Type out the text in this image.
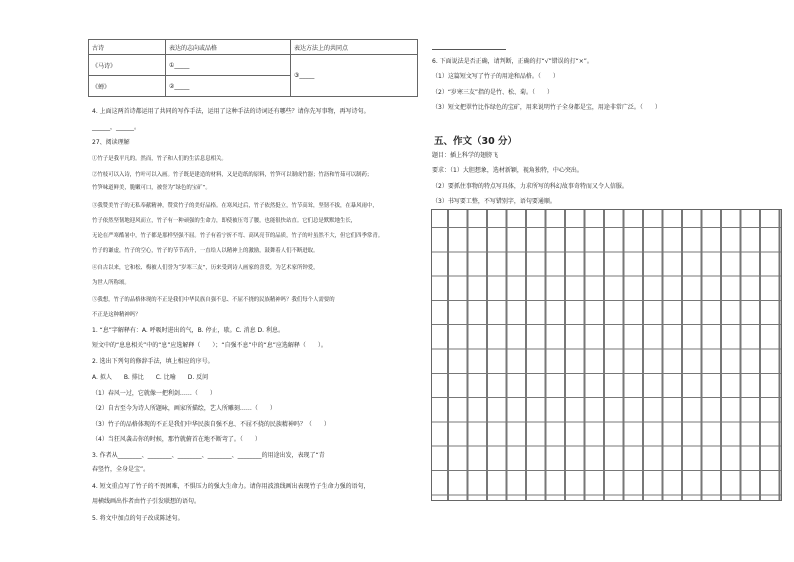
古诗	表达的志向或品格	表达方法上的共同点
《马诗》	①_____	③_____
《蝉》	②_____	
4. 上面这两首诗都运用了共同的写作手法，运用了这种手法的诗词还有哪些？请你先写事物，再写诗句。
______，______。
27、阅读理解
①竹子是我平凡的。然而，竹子和人们的生活息息相关。
②竹枝可以入诗，竹叶可以入画。竹子既是建造的材料，又是造纸的原料，竹笋可以制成竹器；竹沥和竹茹可以制药；
竹笋味道鲜美，脆嫩可口，被誉为“绿色的宝矿”。
③我赞美竹子的无私奉献精神，赞赏竹子的美好品格。在寒风过后，竹子依然挺立，竹节高耸，坚韧不拔，在暴风雨中，
竹子依然坚韧地迎风而立，竹子有一种顽强的生命力，即使被压弯了腰，也能很快站直。它们总是默默地生长，
无论在严寒酷暑中，竹子都是那样坚强不屈。竹子有着宁折不弯、高风亮节的品质，竹子的叶虽然不大，但它们四季常青。
竹子的谦虚，竹子的空心，竹子的节节高升，一直给人以精神上的激励，鼓舞着人们不断进取。
④自古以来，它和松、梅被人们誉为“岁寒三友”，历来受到诗人画家的喜爱，为艺术家所钟爱，
为世人所称颂。
⑤我想，竹子的品格体现的不正是我们中华民族自强不息、不屈不挠的民族精神吗？我们每个人需要的
不正是这种精神吗？
1. “息”字解释有：A. 呼吸时进出的气，B. 停止，歇。C. 消息 D. 利息。
短文中的“息息相关”中的“息”应选解释（　　）；“自强不息”中的“息”应选解释（　　）。
2. 选出下列句的修辞手法，填上相应的序号。
A. 拟人　　B. 排比　　C. 比喻　　D. 反问
（1）春风一过，它就像一把利剑……（　　）
（2）自古至今为诗人所题咏，画家所描绘，艺人所雕刻……（　　）
（3）竹子的品格体现的不正是我们中华民族自强不息、不屈不挠的民族精神吗？（　　）
（4）当狂风袭击你的时候，那竹就俯首在地不断弯了。（　　）
3. 作者从________、________、________、________、________的用途出发，表现了“青
春竖竹，全身是宝”。
4. 短文重点写了竹子的不畏困难，不惧压力的强大生命力。请你用波浪线画出表现竹子生命力强的语句，
用横线画出作者由竹子引发联想的语句。
5. 将文中加点的句子改成陈述句。
6. 下面说法是否正确，请判断，正确的打“√”错误的打“×”。
（1）这篇短文写了竹子的用途和品格。（　　）
（2）“岁寒三友”指的是竹、松、菊。（　　）
（3）短文把翠竹比作绿色的宝矿，用来说明竹子全身都是宝，用途非常广泛。（　　）
五、作文（30 分）
题目：插上科学的翅膀飞
要求：（1）大胆想象，选材新颖，视角独特，中心突出。
（2）要抓住事物的特点写具体，力求所写的科幻故事奇特而又令人信服。
（3）书写要工整，不写错别字，语句要通顺。
